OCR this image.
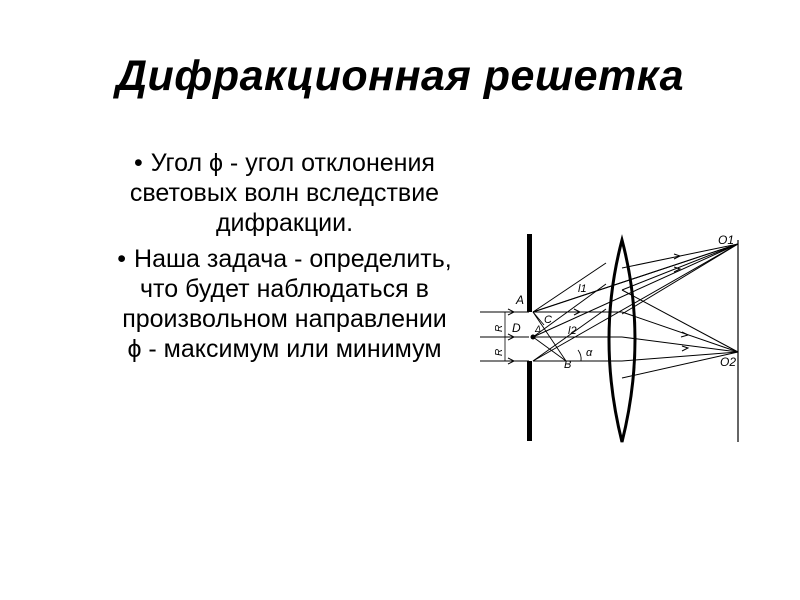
Дифракционная решетка
• Угол ϕ - угол отклонения световых волн вследствие дифракции.
• Наша задача - определить, что будет наблюдаться в произвольном направлении ϕ - максимум или минимум
R
R
D
A
C
B
Δ
α
l1
l2
O1
O2
